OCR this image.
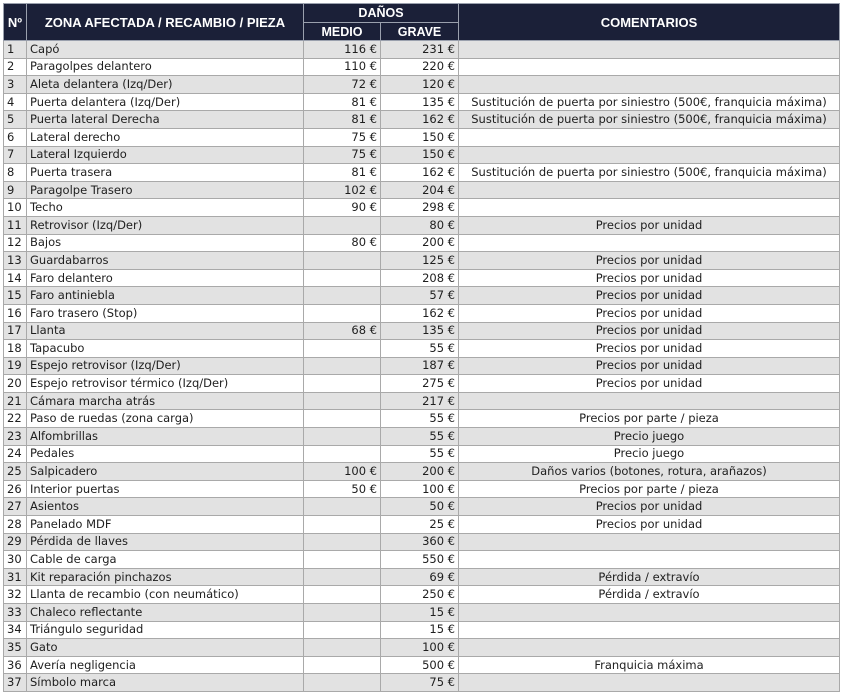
Nº	ZONA AFECTADA / RECAMBIO / PIEZA	DAÑOS		COMENTARIOS
		MEDIO	GRAVE	
1	Capó	116 €	231 €	
2	Paragolpes delantero	110 €	220 €	
3	Aleta delantera (Izq/Der)	72 €	120 €	
4	Puerta delantera (Izq/Der)	81 €	135 €	Sustitución de puerta por siniestro (500€, franquicia máxima)
5	Puerta lateral Derecha	81 €	162 €	Sustitución de puerta por siniestro (500€, franquicia máxima)
6	Lateral derecho	75 €	150 €	
7	Lateral Izquierdo	75 €	150 €	
8	Puerta trasera	81 €	162 €	Sustitución de puerta por siniestro (500€, franquicia máxima)
9	Paragolpe Trasero	102 €	204 €	
10	Techo	90 €	298 €	
11	Retrovisor (Izq/Der)		80 €	Precios por unidad
12	Bajos	80 €	200 €	
13	Guardabarros		125 €	Precios por unidad
14	Faro delantero		208 €	Precios por unidad
15	Faro antiniebla		57 €	Precios por unidad
16	Faro trasero (Stop)		162 €	Precios por unidad
17	Llanta	68 €	135 €	Precios por unidad
18	Tapacubo		55 €	Precios por unidad
19	Espejo retrovisor (Izq/Der)		187 €	Precios por unidad
20	Espejo retrovisor térmico (Izq/Der)		275 €	Precios por unidad
21	Cámara marcha atrás		217 €	
22	Paso de ruedas (zona carga)		55 €	Precios por parte / pieza
23	Alfombrillas		55 €	Precio juego
24	Pedales		55 €	Precio juego
25	Salpicadero	100 €	200 €	Daños varios (botones, rotura, arañazos)
26	Interior puertas	50 €	100 €	Precios por parte / pieza
27	Asientos		50 €	Precios por unidad
28	Panelado MDF		25 €	Precios por unidad
29	Pérdida de llaves		360 €	
30	Cable de carga		550 €	
31	Kit reparación pinchazos		69 €	Pérdida / extravío
32	Llanta de recambio (con neumático)		250 €	Pérdida / extravío
33	Chaleco reflectante		15 €	
34	Triángulo seguridad		15 €	
35	Gato		100 €	
36	Avería negligencia		500 €	Franquicia máxima
37	Símbolo marca		75 €	
